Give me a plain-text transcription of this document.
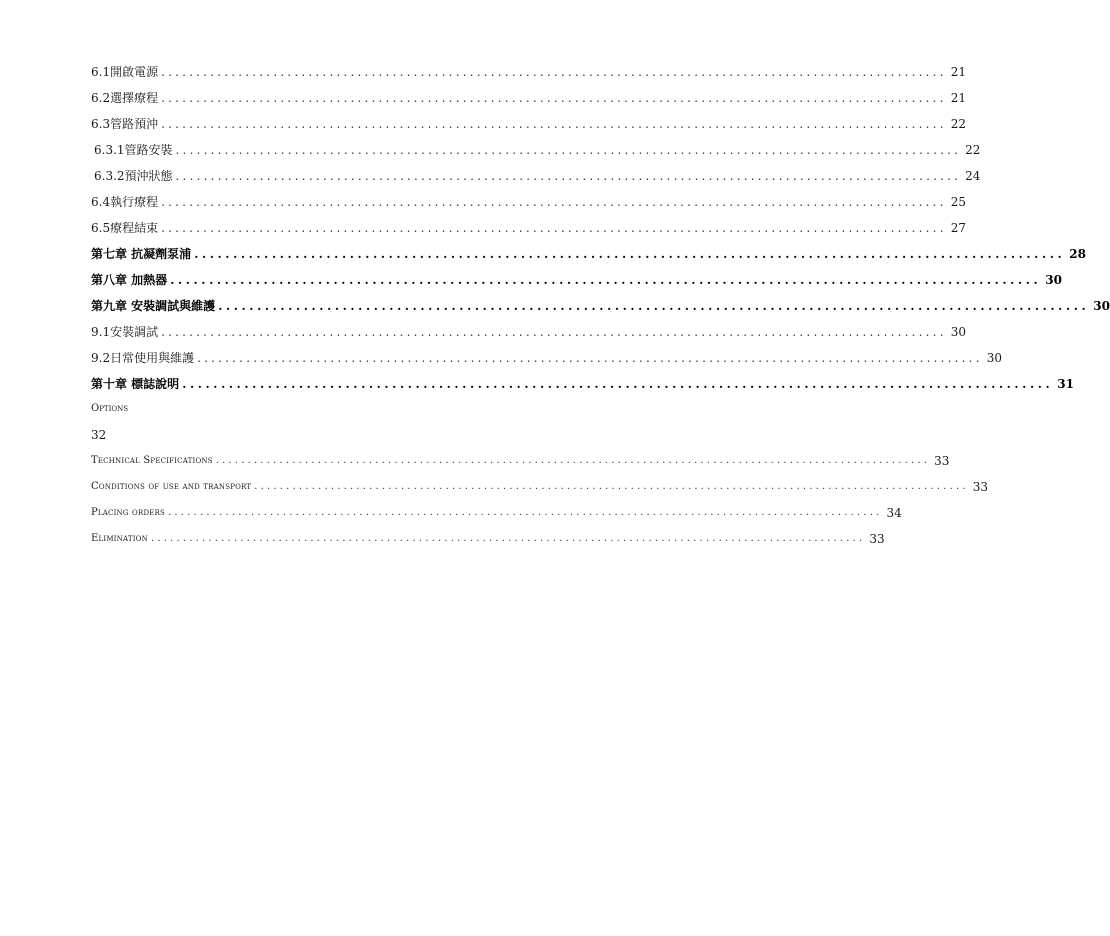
6.1開啟電源 ................................................................................................................ 21
6.2選擇療程 ................................................................................................................ 21
6.3管路預沖 ................................................................................................................ 22
6.3.1管路安裝 ................................................................................................................ 22
6.3.2預沖狀態 ................................................................................................................ 24
6.4執行療程 ................................................................................................................ 25
6.5療程結束 ................................................................................................................ 27
第七章 抗凝劑泵浦 ................................................................................................................ 28
第八章 加熱器 ................................................................................................................ 30
第九章 安裝調試與維護 ................................................................................................................ 30
9.1安裝調試 ................................................................................................................ 30
9.2日常使用與維護 ................................................................................................................ 30
第十章 標誌說明 ................................................................................................................ 31
Options
32
Technical Specifications ................................................................................................................ 33
Conditions of use and transport ................................................................................................................ 33
Placing orders ................................................................................................................ 34
Elimination ................................................................................................................ 33
